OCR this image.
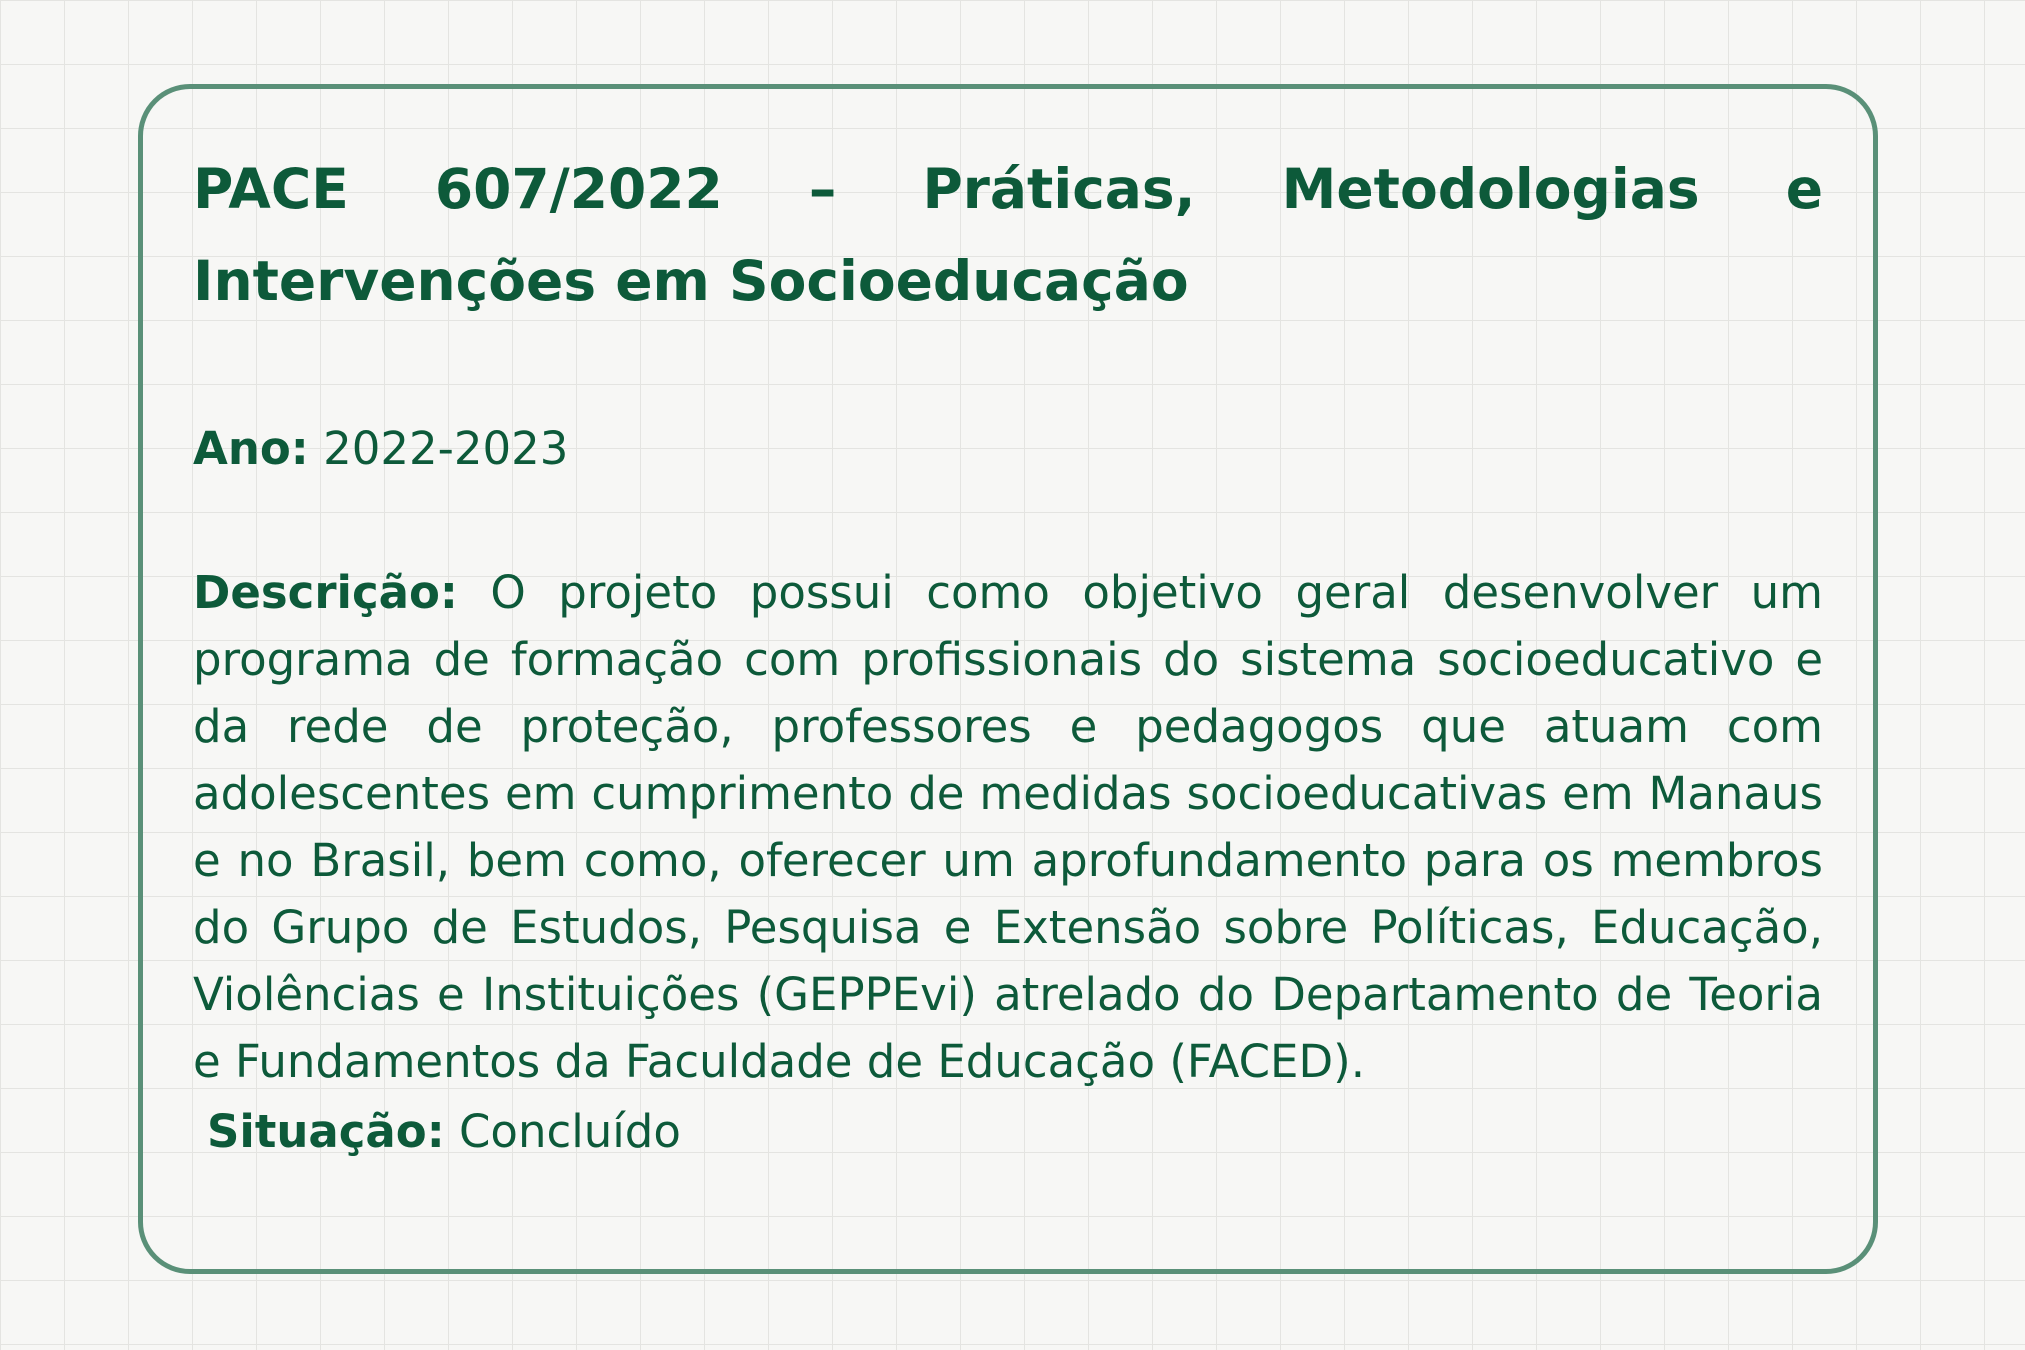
PACE 607/2022 – Práticas, Metodologias e Intervenções em Socioeducação

Ano: 2022-2023

Descrição: O projeto possui como objetivo geral desenvolver um programa de formação com profissionais do sistema socioeducativo e da rede de proteção, professores e pedagogos que atuam com adolescentes em cumprimento de medidas socioeducativas em Manaus e no Brasil, bem como, oferecer um aprofundamento para os membros do Grupo de Estudos, Pesquisa e Extensão sobre Políticas, Educação, Violências e Instituições (GEPPEvi) atrelado do Departamento de Teoria e Fundamentos da Faculdade de Educação (FACED).

Situação: Concluído
